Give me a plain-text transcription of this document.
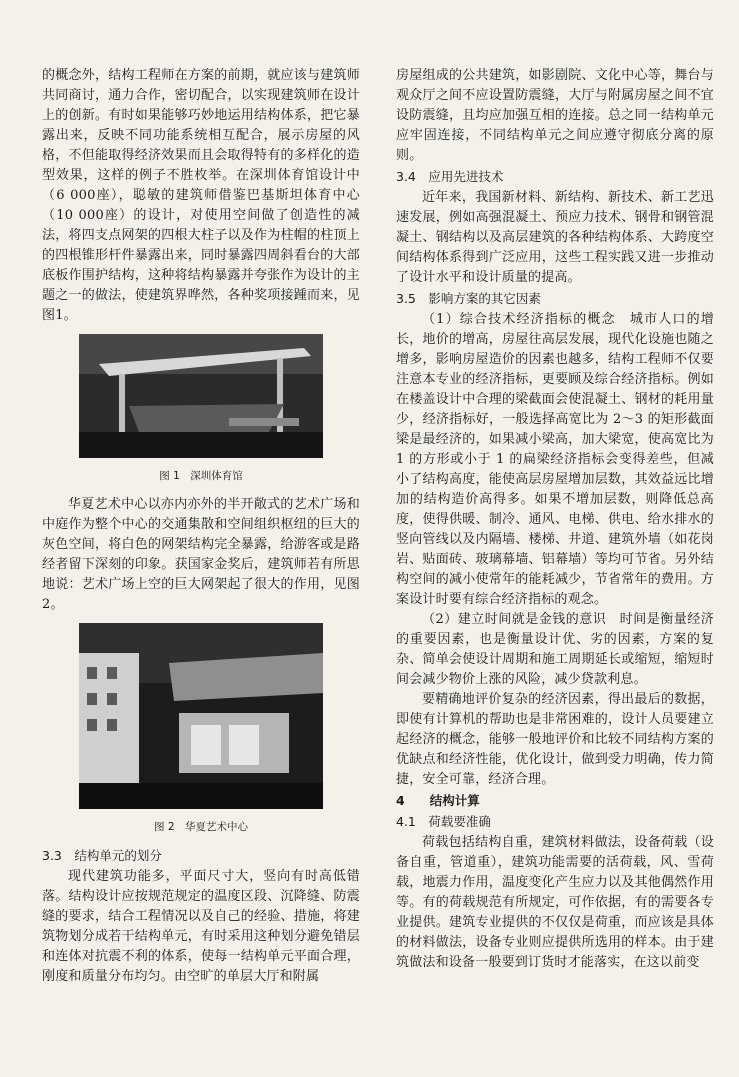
的概念外，结构工程师在方案的前期，就应该与建筑师共同商讨，通力合作，密切配合，以实现建筑师在设计上的创新。有时如果能够巧妙地运用结构体系，把它暴露出来，反映不同功能系统相互配合，展示房屋的风格，不但能取得经济效果而且会取得特有的多样化的造型效果，这样的例子不胜枚举。在深圳体育馆设计中（6 000座），聪敏的建筑师借鉴巴基斯坦体育中心（10 000座）的设计，对使用空间做了创造性的减法，将四支点网架的四根大柱子以及作为柱帽的柱顶上的四根锥形杆件暴露出来，同时暴露四周斜看台的大部底板作围护结构，这种将结构暴露并夸张作为设计的主题之一的做法，使建筑界哗然，各种奖项接踵而来，见图1。

图 1　深圳体育馆

华夏艺术中心以亦内亦外的半开敞式的艺术广场和中庭作为整个中心的交通集散和空间组织枢纽的巨大的灰色空间，将白色的网架结构完全暴露，给游客或是路经者留下深刻的印象。获国家金奖后，建筑师若有所思地说：艺术广场上空的巨大网架起了很大的作用，见图2。

图 2　华夏艺术中心
3.3　结构单元的划分

现代建筑功能多，平面尺寸大，竖向有时高低错落。结构设计应按规范规定的温度区段、沉降缝、防震缝的要求，结合工程情况以及自己的经验、措施，将建筑物划分成若干结构单元，有时采用这种划分避免错层和连体对抗震不利的体系，使每一结构单元平面合理，刚度和质量分布均匀。由空旷的单层大厅和附属

房屋组成的公共建筑，如影剧院、文化中心等，舞台与观众厅之间不应设置防震缝，大厅与附属房屋之间不宜设防震缝，且均应加强互相的连接。总之同一结构单元应牢固连接，不同结构单元之间应遵守彻底分离的原则。

3.4　应用先进技术

近年来，我国新材料、新结构、新技术、新工艺迅速发展，例如高强混凝土、预应力技术、钢骨和钢管混凝土、钢结构以及高层建筑的各种结构体系、大跨度空间结构体系得到广泛应用，这些工程实践又进一步推动了设计水平和设计质量的提高。

3.5　影响方案的其它因素

（1）综合技术经济指标的概念　城市人口的增长，地价的增高，房屋往高层发展，现代化设施也随之增多，影响房屋造价的因素也越多，结构工程师不仅要注意本专业的经济指标，更要顾及综合经济指标。例如在楼盖设计中合理的梁截面会使混凝土、钢材的耗用量少，经济指标好，一般选择高宽比为 2～3 的矩形截面梁是最经济的，如果减小梁高，加大梁宽，使高宽比为 1 的方形或小于 1 的扁梁经济指标会变得差些，但减小了结构高度，能使高层房屋增加层数，其效益远比增加的结构造价高得多。如果不增加层数，则降低总高度，使得供暖、制冷、通风、电梯、供电、给水排水的竖向管线以及内隔墙、楼梯、井道、建筑外墙（如花岗岩、贴面砖、玻璃幕墙、铝幕墙）等均可节省。另外结构空间的减小使常年的能耗减少，节省常年的费用。方案设计时要有综合经济指标的观念。

（2）建立时间就是金钱的意识　时间是衡量经济的重要因素，也是衡量设计优、劣的因素，方案的复杂、简单会使设计周期和施工周期延长或缩短，缩短时间会减少物价上涨的风险，减少贷款利息。

要精确地评价复杂的经济因素，得出最后的数据，即使有计算机的帮助也是非常困难的，设计人员要建立起经济的概念，能够一般地评价和比较不同结构方案的优缺点和经济性能，优化设计，做到受力明确，传力简捷，安全可靠，经济合理。

4　　结构计算
4.1　荷载要准确

荷载包括结构自重，建筑材料做法，设备荷载（设备自重，管道重），建筑功能需要的活荷载，风、雪荷载，地震力作用，温度变化产生应力以及其他偶然作用等。有的荷载规范有所规定，可作依据，有的需要各专业提供。建筑专业提供的不仅仅是荷重，而应该是具体的材料做法，设备专业则应提供所选用的样本。由于建筑做法和设备一般要到订货时才能落实，在这以前变
